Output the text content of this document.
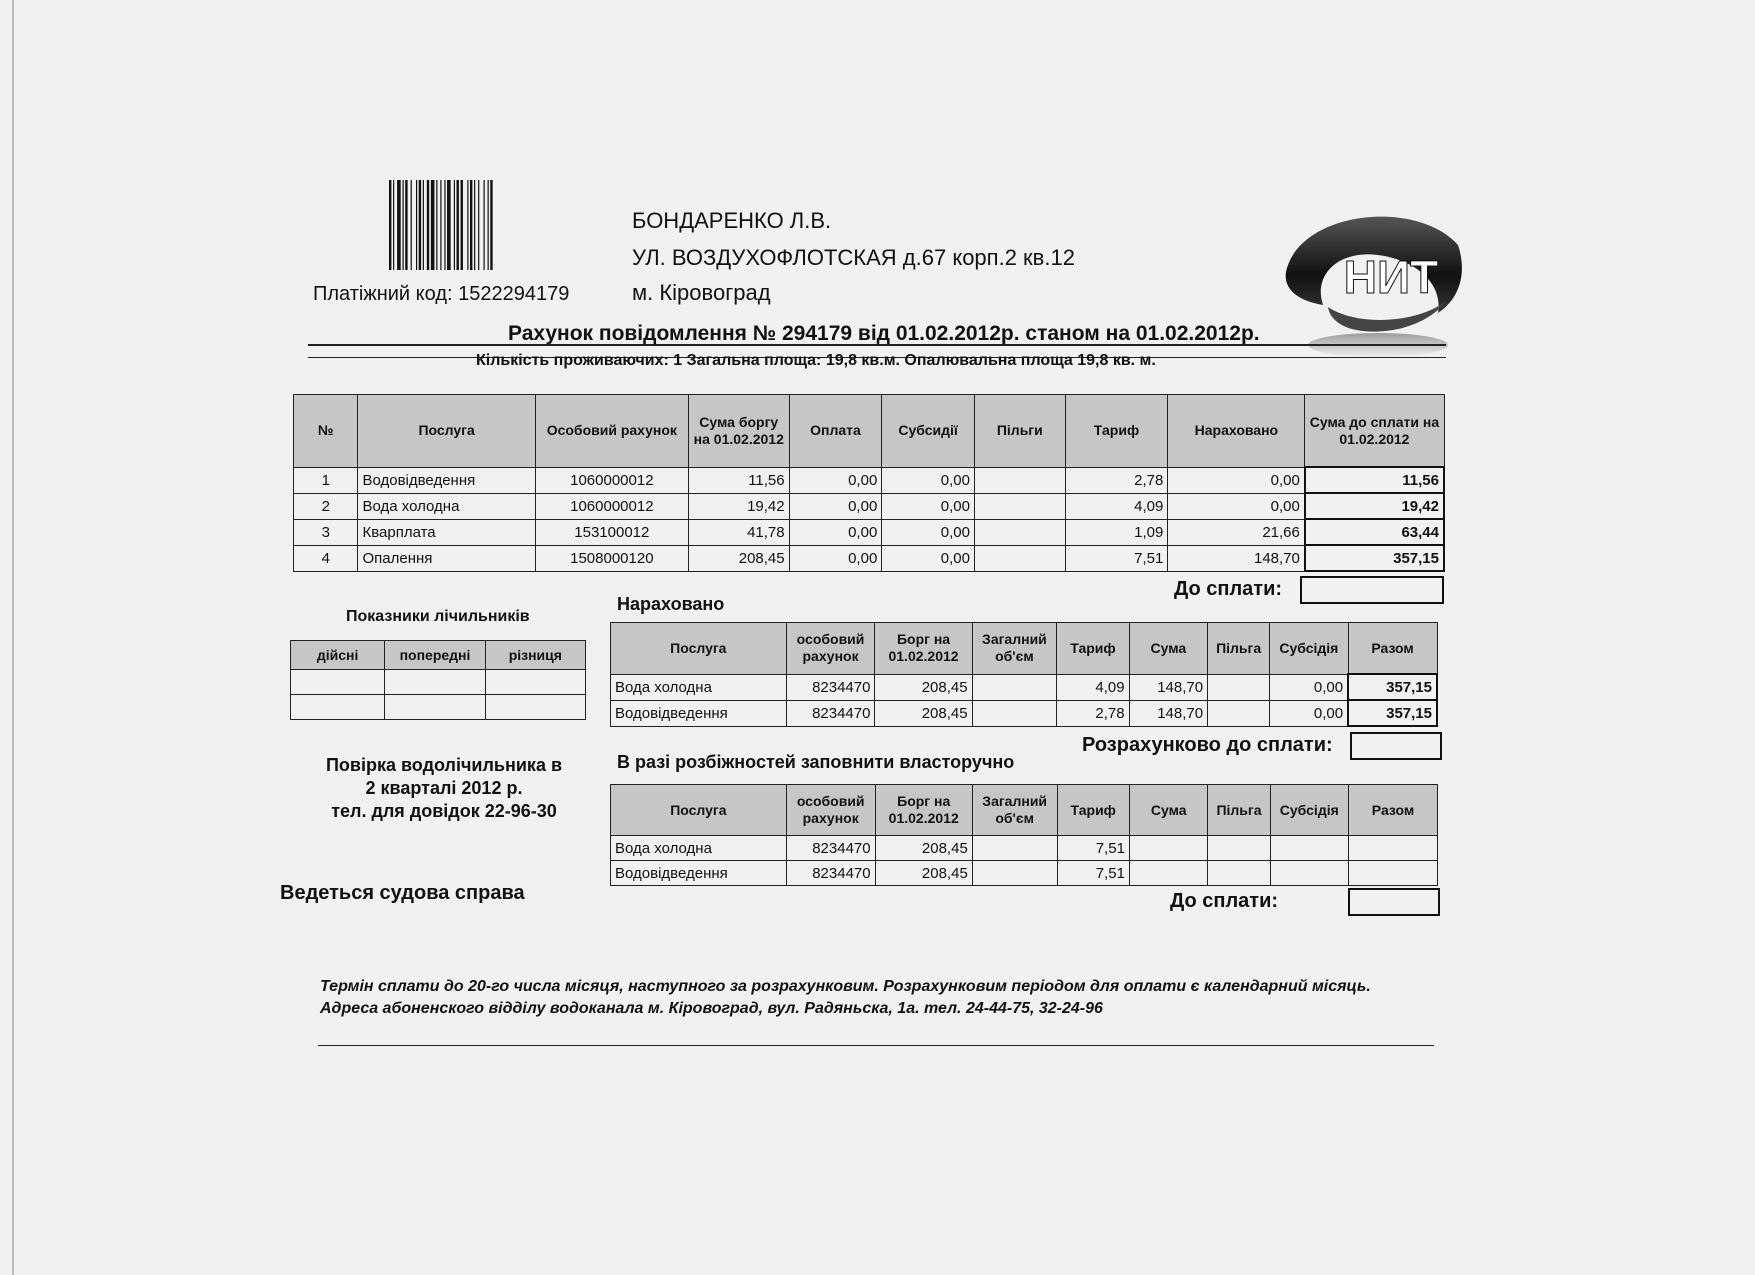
Платіжний код: 1522294179
БОНДАРЕНКО Л.В.
УЛ. ВОЗДУХОФЛОТСКАЯ д.67 корп.2 кв.12
м. Кіровоград	НИТ
Рахунок повідомлення № 294179 від 01.02.2012р. станом на 01.02.2012р.
Кількість проживаючих: 1 Загальна площа: 19,8 кв.м. Опалювальна площа 19,8 кв. м.
№	Послуга	Особовий рахунок	Сума боргу на 01.02.2012	Оплата	Субсидії	Пільги	Тариф	Нараховано	Сума до сплати на 01.02.2012
1	Водовідведення	1060000012	11,56	0,00	0,00		2,78	0,00	11,56
2	Вода холодна	1060000012	19,42	0,00	0,00		4,09	0,00	19,42
3	Кварплата	153100012	41,78	0,00	0,00		1,09	21,66	63,44
4	Опалення	1508000120	208,45	0,00	0,00		7,51	148,70	357,15
До сплати:
Показники лічильників
дійсні	попередні	різниця

Нараховано
Послуга	особовий рахунок	Борг на 01.02.2012	Загалний об'єм	Тариф	Сума	Пільга	Субсідія	Разом
Вода холодна	8234470	208,45		4,09	148,70		0,00	357,15
Водовідведення	8234470	208,45		2,78	148,70		0,00	357,15
Розрахунково до сплати:
Повірка водолічильника в
2 кварталі 2012 р.
тел. для довідок 22-96-30
В разі розбіжностей заповнити власторучно
Послуга	особовий рахунок	Борг на 01.02.2012	Загалний об'єм	Тариф	Сума	Пільга	Субсідія	Разом
Вода холодна	8234470	208,45		7,51				
Водовідведення	8234470	208,45		7,51				
До сплати:
Ведеться судова справа
Термін сплати до 20-го числа місяця, наступного за розрахунковим. Розрахунковим періодом для оплати є календарний місяць.
Адреса абоненского відділу водоканала м. Кіровоград, вул. Радяньска, 1а. тел. 24-44-75, 32-24-96
